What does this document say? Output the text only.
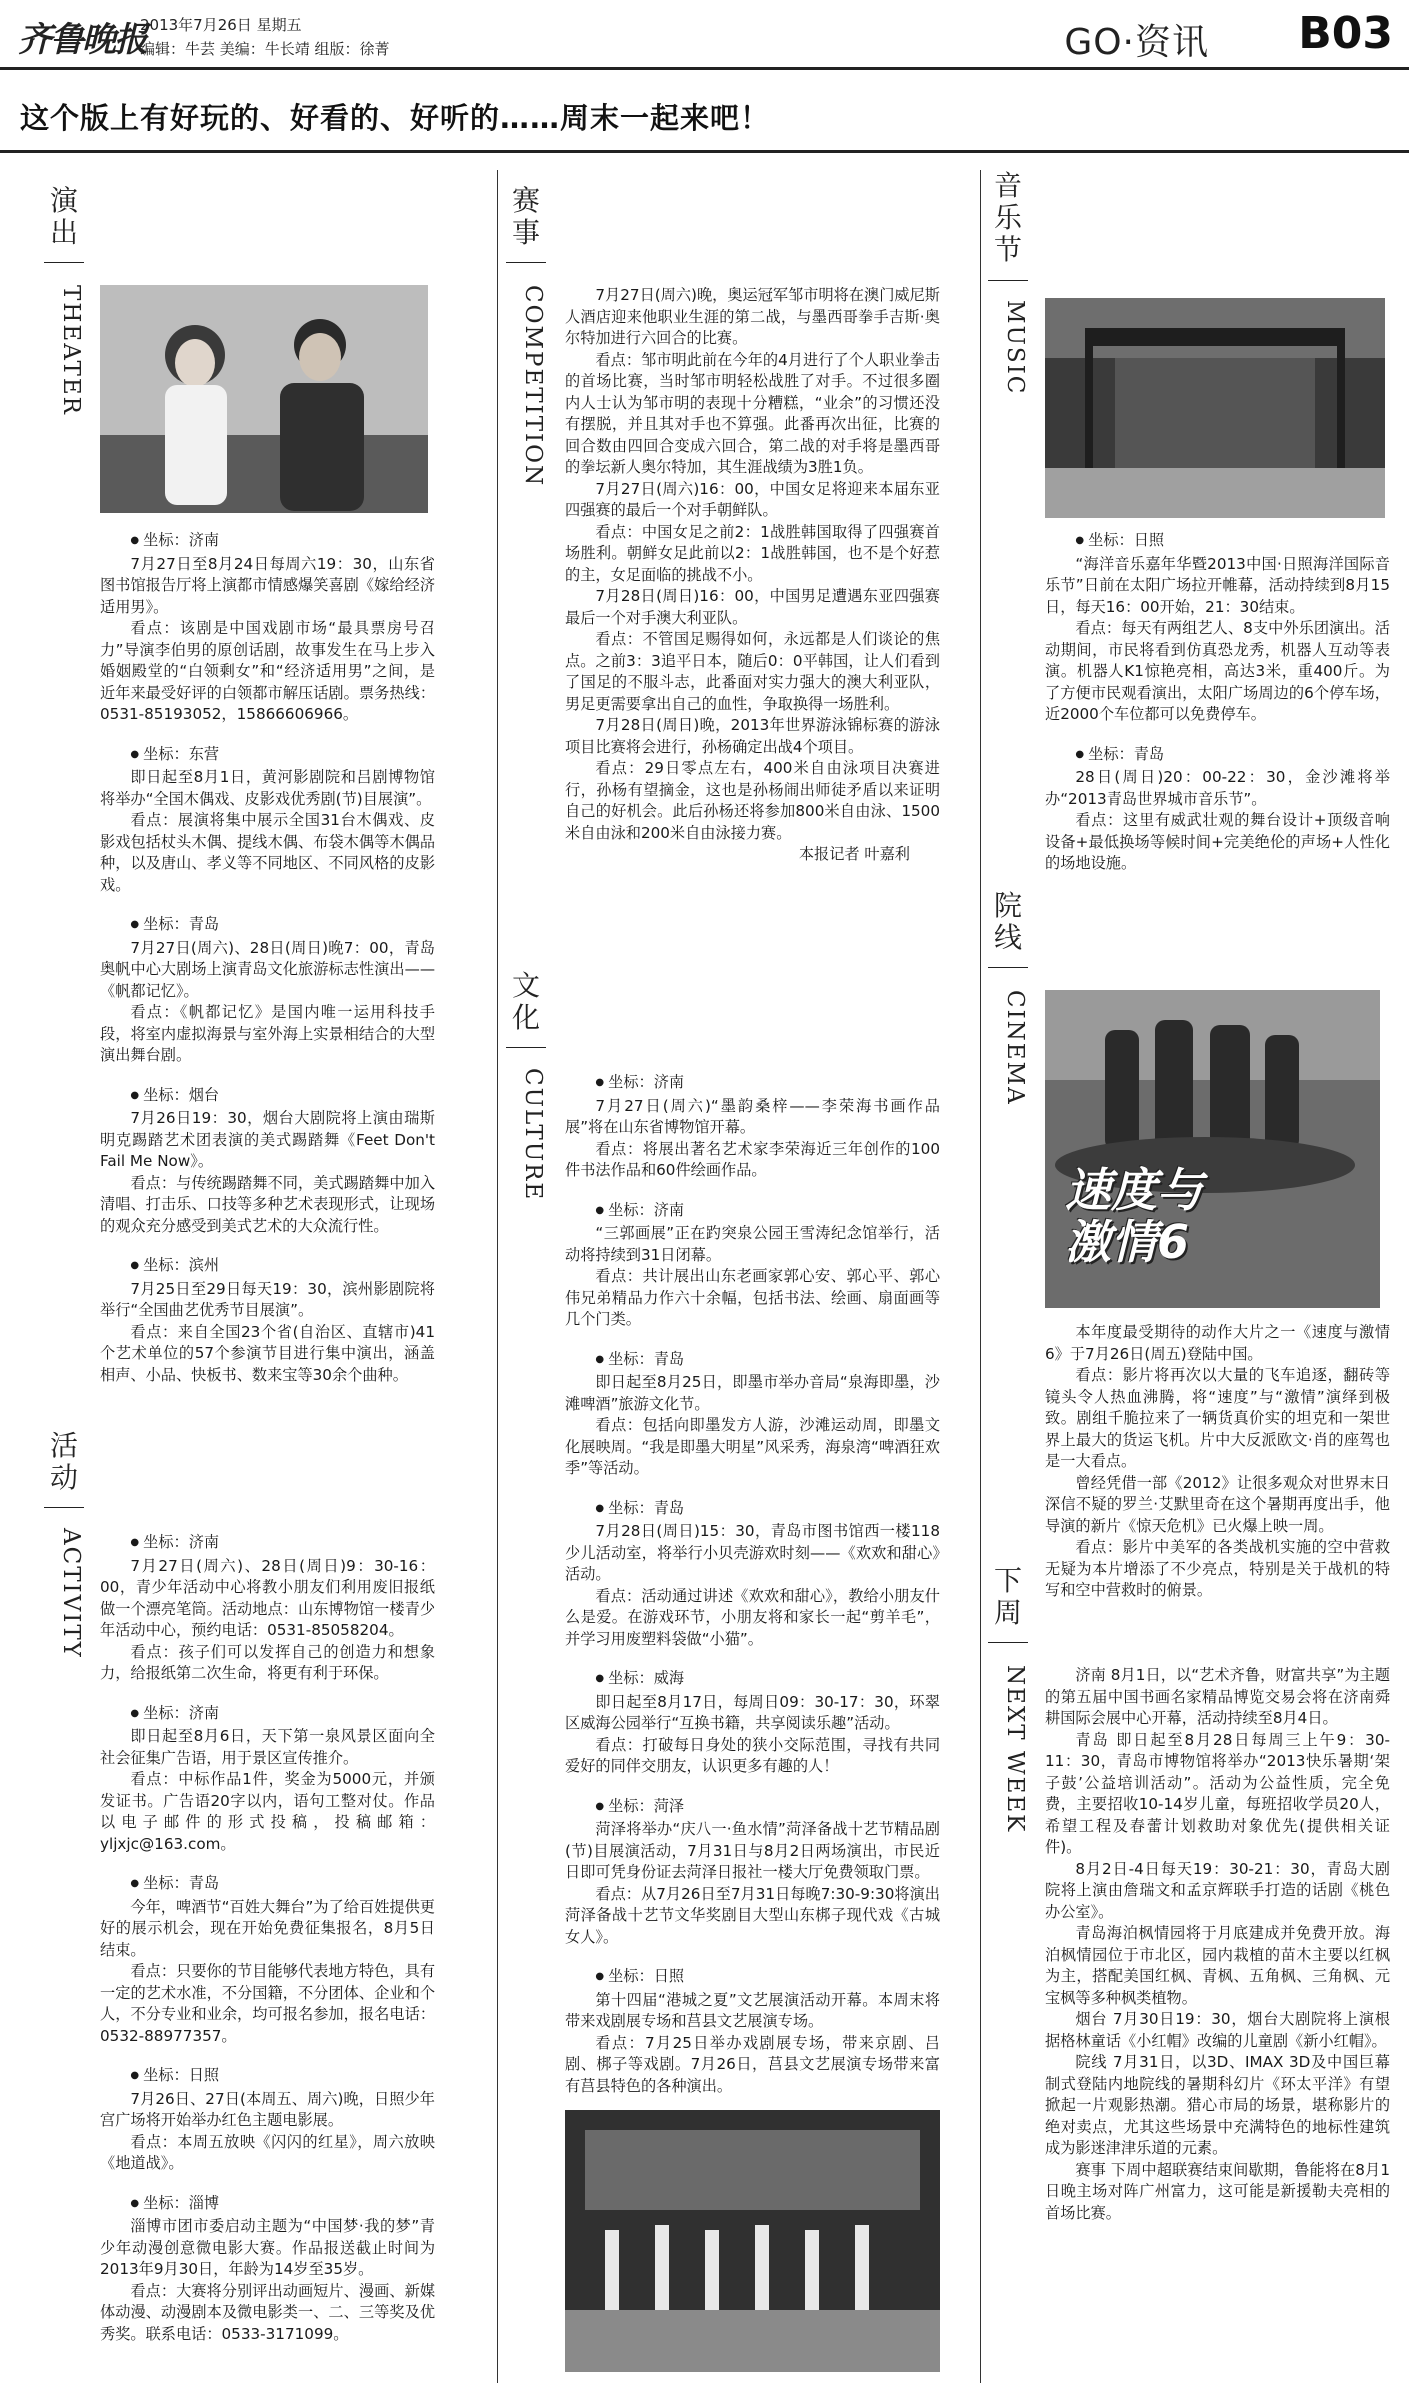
齐鲁晚报
2013年7月26日 星期五
编辑：牛芸 美编：牛长靖 组版：徐菁	GO·资讯 B03
这个版上有好玩的、好看的、好听的……周末一起来吧！
演
出
THEATER

● 坐标：济南

7月27日至8月24日每周六19：30，山东省图书馆报告厅将上演都市情感爆笑喜剧《嫁给经济适用男》。

看点：该剧是中国戏剧市场“最具票房号召力”导演李伯男的原创话剧，故事发生在马上步入婚姻殿堂的“白领剩女”和“经济适用男”之间，是近年来最受好评的白领都市解压话剧。票务热线：0531-85193052，15866606966。

● 坐标：东营

即日起至8月1日，黄河影剧院和吕剧博物馆将举办“全国木偶戏、皮影戏优秀剧(节)目展演”。

看点：展演将集中展示全国31台木偶戏、皮影戏包括杖头木偶、提线木偶、布袋木偶等木偶品种，以及唐山、孝义等不同地区、不同风格的皮影戏。

● 坐标：青岛

7月27日(周六)、28日(周日)晚7：00，青岛奥帆中心大剧场上演青岛文化旅游标志性演出——《帆都记忆》。

看点：《帆都记忆》是国内唯一运用科技手段，将室内虚拟海景与室外海上实景相结合的大型演出舞台剧。

● 坐标：烟台

7月26日19：30，烟台大剧院将上演由瑞斯明克踢踏艺术团表演的美式踢踏舞《Feet Don't Fail Me Now》。

看点：与传统踢踏舞不同，美式踢踏舞中加入清唱、打击乐、口技等多种艺术表现形式，让现场的观众充分感受到美式艺术的大众流行性。

● 坐标：滨州

7月25日至29日每天19：30，滨州影剧院将举行“全国曲艺优秀节目展演”。

看点：来自全国23个省(自治区、直辖市)41个艺术单位的57个参演节目进行集中演出，涵盖相声、小品、快板书、数来宝等30余个曲种。

活
动
ACTIVITY	● 坐标：济南

7月27日(周六)、28日(周日)9：30-16：00，青少年活动中心将教小朋友们利用废旧报纸做一个漂亮笔筒。活动地点：山东博物馆一楼青少年活动中心，预约电话：0531-85058204。

看点：孩子们可以发挥自己的创造力和想象力，给报纸第二次生命，将更有利于环保。

● 坐标：济南

即日起至8月6日，天下第一泉风景区面向全社会征集广告语，用于景区宣传推介。

看点：中标作品1件，奖金为5000元，并颁发证书。广告语20字以内，语句工整对仗。作品以电子邮件的形式投稿，投稿邮箱：yljxjc@163.com。

● 坐标：青岛

今年，啤酒节“百姓大舞台”为了给百姓提供更好的展示机会，现在开始免费征集报名，8月5日结束。

看点：只要你的节目能够代表地方特色，具有一定的艺术水准，不分国籍，不分团体、企业和个人，不分专业和业余，均可报名参加，报名电话：0532-88977357。

● 坐标：日照

7月26日、27日(本周五、周六)晚，日照少年宫广场将开始举办红色主题电影展。

看点：本周五放映《闪闪的红星》，周六放映《地道战》。

● 坐标：淄博

淄博市团市委启动主题为“中国梦·我的梦”青少年动漫创意微电影大赛。作品报送截止时间为2013年9月30日，年龄为14岁至35岁。

看点：大赛将分别评出动画短片、漫画、新媒体动漫、动漫剧本及微电影类一、二、三等奖及优秀奖。联系电话：0533-3171099。

赛
事
COMPETITION	7月27日(周六)晚，奥运冠军邹市明将在澳门威尼斯人酒店迎来他职业生涯的第二战，与墨西哥拳手吉斯·奥尔特加进行六回合的比赛。

看点：邹市明此前在今年的4月进行了个人职业拳击的首场比赛，当时邹市明轻松战胜了对手。不过很多圈内人士认为邹市明的表现十分糟糕，“业余”的习惯还没有摆脱，并且其对手也不算强。此番再次出征，比赛的回合数由四回合变成六回合，第二战的对手将是墨西哥的拳坛新人奥尔特加，其生涯战绩为3胜1负。

7月27日(周六)16：00，中国女足将迎来本届东亚四强赛的最后一个对手朝鲜队。

看点：中国女足之前2：1战胜韩国取得了四强赛首场胜利。朝鲜女足此前以2：1战胜韩国，也不是个好惹的主，女足面临的挑战不小。

7月28日(周日)16：00，中国男足遭遇东亚四强赛最后一个对手澳大利亚队。

看点：不管国足赐得如何，永远都是人们谈论的焦点。之前3：3追平日本，随后0：0平韩国，让人们看到了国足的不服斗志，此番面对实力强大的澳大利亚队，男足更需要拿出自己的血性，争取换得一场胜利。

7月28日(周日)晚，2013年世界游泳锦标赛的游泳项目比赛将会进行，孙杨确定出战4个项目。

看点：29日零点左右，400米自由泳项目决赛进行，孙杨有望摘金，这也是孙杨闹出师徒矛盾以来证明自己的好机会。此后孙杨还将参加800米自由泳、1500米自由泳和200米自由泳接力赛。

本报记者 叶嘉利

文
化
CULTURE	● 坐标：济南

7月27日(周六)“墨韵桑梓——李荣海书画作品展”将在山东省博物馆开幕。

看点：将展出著名艺术家李荣海近三年创作的100件书法作品和60件绘画作品。

● 坐标：济南

“三郭画展”正在趵突泉公园王雪涛纪念馆举行，活动将持续到31日闭幕。

看点：共计展出山东老画家郭心安、郭心平、郭心伟兄弟精品力作六十余幅，包括书法、绘画、扇面画等几个门类。

● 坐标：青岛

即日起至8月25日，即墨市举办音局“泉海即墨，沙滩啤酒”旅游文化节。

看点：包括向即墨发方人游，沙滩运动周，即墨文化展映周。“我是即墨大明星”风采秀，海泉湾“啤酒狂欢季”等活动。

● 坐标：青岛

7月28日(周日)15：30，青岛市图书馆西一楼118少儿活动室，将举行小贝壳游欢时刻——《欢欢和甜心》活动。

看点：活动通过讲述《欢欢和甜心》，教给小朋友什么是爱。在游戏环节，小朋友将和家长一起“剪羊毛”，并学习用废塑料袋做“小猫”。

● 坐标：威海

即日起至8月17日，每周日09：30-17：30，环翠区威海公园举行“互换书籍，共享阅读乐趣”活动。

看点：打破每日身处的狭小交际范围，寻找有共同爱好的同伴交朋友，认识更多有趣的人！

● 坐标：菏泽

菏泽将举办“庆八一·鱼水情”菏泽备战十艺节精品剧(节)目展演活动，7月31日与8月2日两场演出，市民近日即可凭身份证去菏泽日报社一楼大厅免费领取门票。

看点：从7月26日至7月31日每晚7:30-9:30将演出菏泽备战十艺节文华奖剧目大型山东梆子现代戏《古城女人》。

● 坐标：日照

第十四届“港城之夏”文艺展演活动开幕。本周末将带来戏剧展专场和莒县文艺展演专场。

看点：7月25日举办戏剧展专场，带来京剧、吕剧、梆子等戏剧。7月26日，莒县文艺展演专场带来富有莒县特色的各种演出。

音
乐
节
MUSIC

● 坐标：日照

“海洋音乐嘉年华暨2013中国·日照海洋国际音乐节”日前在太阳广场拉开帷幕，活动持续到8月15日，每天16：00开始，21：30结束。

看点：每天有两组艺人、8支中外乐团演出。活动期间，市民将看到仿真恐龙秀，机器人互动等表演。机器人K1惊艳亮相，高达3米，重400斤。为了方便市民观看演出，太阳广场周边的6个停车场，近2000个车位都可以免费停车。

● 坐标：青岛

28日(周日)20：00-22：30，金沙滩将举办“2013青岛世界城市音乐节”。

看点：这里有威武壮观的舞台设计+顶级音响设备+最低换场等候时间+完美绝伦的声场+人性化的场地设施。

院
线
CINEMA
速度与
激情6

本年度最受期待的动作大片之一《速度与激情6》于7月26日(周五)登陆中国。

看点：影片将再次以大量的飞车追逐，翻砖等镜头令人热血沸腾，将“速度”与“激情”演绎到极致。剧组千脆拉来了一辆货真价实的坦克和一架世界上最大的货运飞机。片中大反派欧文·肖的座驾也是一大看点。

曾经凭借一部《2012》让很多观众对世界末日深信不疑的罗兰·艾默里奇在这个暑期再度出手，他导演的新片《惊天危机》已火爆上映一周。

看点：影片中美军的各类战机实施的空中营救无疑为本片增添了不少亮点，特别是关于战机的特写和空中营救时的俯景。

下
周
NEXT WEEK	济南 8月1日，以“艺术齐鲁，财富共享”为主题的第五届中国书画名家精品博览交易会将在济南舜耕国际会展中心开幕，活动持续至8月4日。

青岛 即日起至8月28日每周三上午9：30-11：30，青岛市博物馆将举办“2013快乐暑期‘架子鼓’公益培训活动”。活动为公益性质，完全免费，主要招收10-14岁儿童，每班招收学员20人，希望工程及春蕾计划救助对象优先(提供相关证件)。

8月2日-4日每天19：30-21：30，青岛大剧院将上演由詹瑞文和孟京辉联手打造的话剧《桃色办公室》。

青岛海泊枫情园将于月底建成并免费开放。海泊枫情园位于市北区，园内栽植的苗木主要以红枫为主，搭配美国红枫、青枫、五角枫、三角枫、元宝枫等多种枫类植物。

烟台 7月30日19：30，烟台大剧院将上演根据格林童话《小红帽》改编的儿童剧《新小红帽》。

院线 7月31日，以3D、IMAX 3D及中国巨幕制式登陆内地院线的暑期科幻片《环太平洋》有望掀起一片观影热潮。猎心市局的场景，堪称影片的绝对卖点，尤其这些场景中充满特色的地标性建筑成为影迷津津乐道的元素。

赛事 下周中超联赛结束间歇期，鲁能将在8月1日晚主场对阵广州富力，这可能是新援勒夫亮相的首场比赛。
